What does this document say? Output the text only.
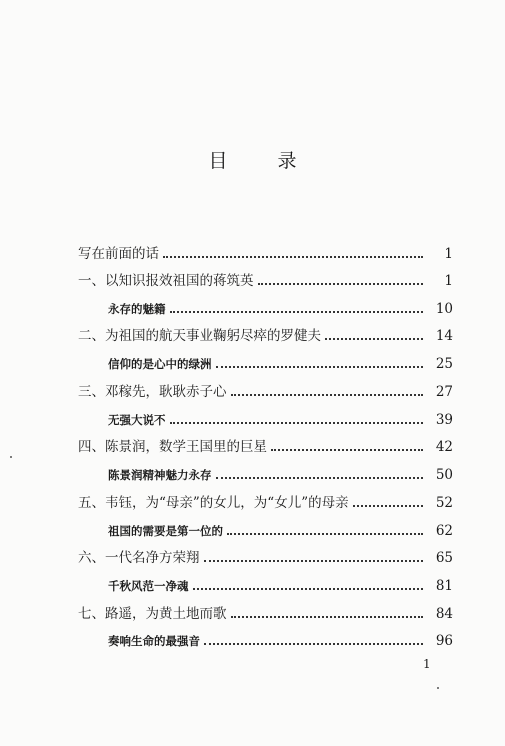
目 录
写在前面的话	1
一、以知识报效祖国的蒋筑英	1
永存的魅籍	10
二、为祖国的航天事业鞠躬尽瘁的罗健夫	14
信仰的是心中的绿洲	25
三、邓稼先，耿耿赤子心	27
无强大说不	39
四、陈景润，数学王国里的巨星	42
陈景润精神魅力永存	50
五、韦钰，为“母亲”的女儿，为“女儿”的母亲	52
祖国的需要是第一位的	62
六、一代名净方荣翔	65
千秋风范一净魂	81
七、路遥，为黄土地而歌	84
奏响生命的最强音	96
1
